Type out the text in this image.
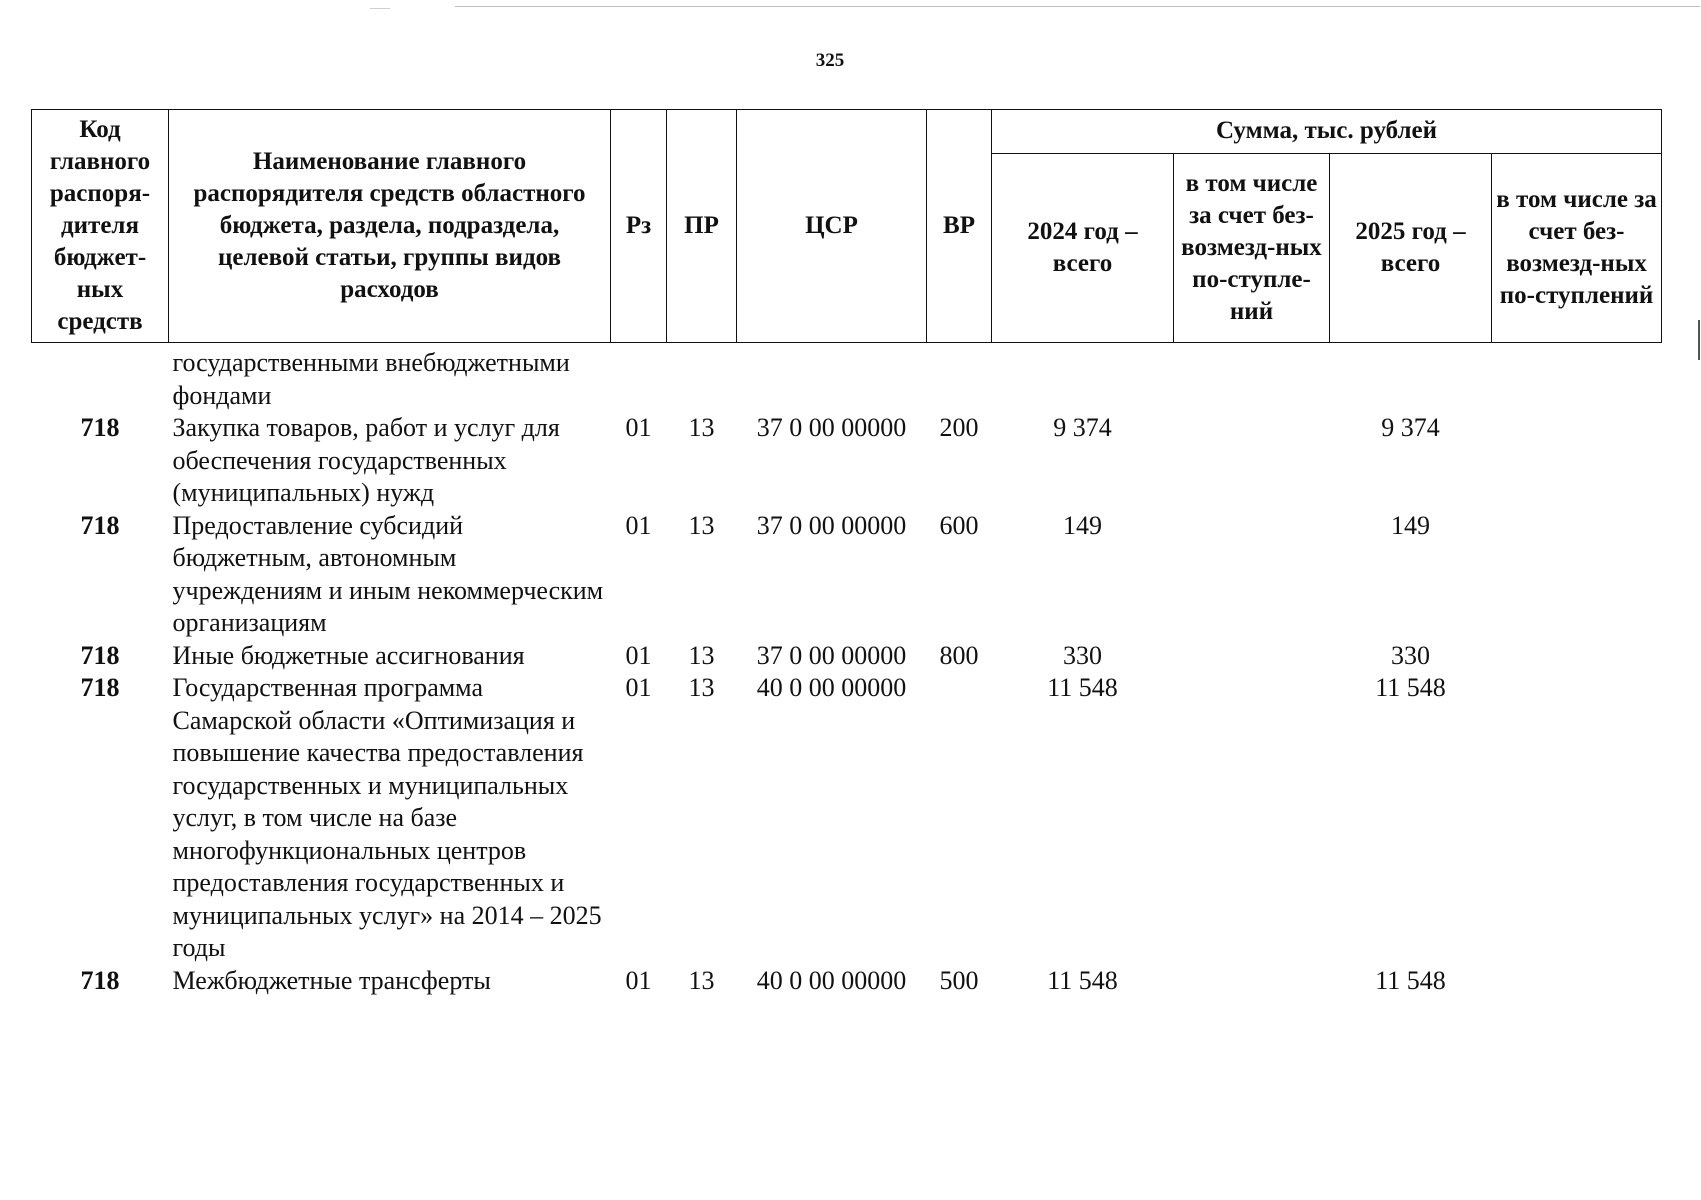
325
Код главного распоря-дителя бюджет-ных средств	Наименование главного распорядителя средств областного бюджета, раздела, подраздела, целевой статьи, группы видов расходов	Рз	ПР	ЦСР	ВР	Сумма, тыс. рублей			
						2024 год – всего	в том числе за счет без-возмезд-ных по-ступле-ний	2025 год – всего	в том числе за счет без-возмезд-ных по-ступлений
	государственными внебюджетными фондами								
718	Закупка товаров, работ и услуг для обеспечения государственных (муниципальных) нужд	01	13	37 0 00 00000	200	9 374		9 374	
718	Предоставление субсидий бюджетным, автономным учреждениям и иным некоммерческим организациям	01	13	37 0 00 00000	600	149		149	
718	Иные бюджетные ассигнования	01	13	37 0 00 00000	800	330		330	
718	Государственная программа Самарской области «Оптимизация и повышение качества предоставления государственных и муниципальных услуг, в том числе на базе многофункциональных центров предоставления государственных и муниципальных услуг» на 2014 – 2025 годы	01	13	40 0 00 00000		11 548		11 548	
718	Межбюджетные трансферты	01	13	40 0 00 00000	500	11 548		11 548	
